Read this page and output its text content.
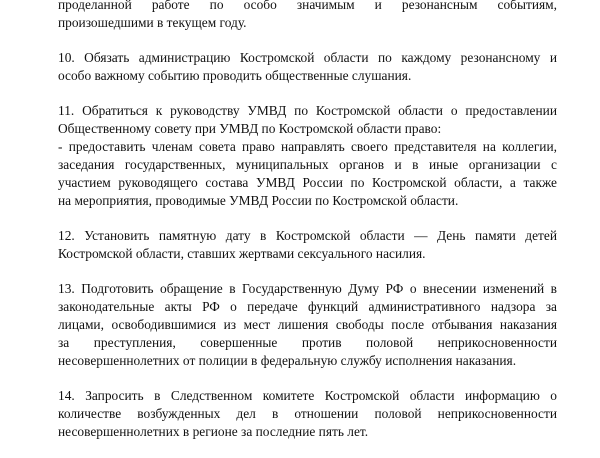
проделанной работе по особо значимым и резонансным событиям,
произошедшими в текущем году.

10. Обязать администрацию Костромской области по каждому резонансному и
особо важному событию проводить общественные слушания.

11. Обратиться к руководству УМВД по Костромской области о предоставлении
Общественному совету при УМВД по Костромской области право:
- предоставить членам совета право направлять своего представителя на коллегии,
заседания государственных, муниципальных органов и в иные организации с
участием руководящего состава УМВД России по Костромской области, а также
на мероприятия, проводимые УМВД России по Костромской области.

12. Установить памятную дату в Костромской области — День памяти детей
Костромской области, ставших жертвами сексуального насилия.

13. Подготовить обращение в Государственную Думу РФ о внесении изменений в
законодательные акты РФ о передаче функций административного надзора за
лицами, освободившимися из мест лишения свободы после отбывания наказания
за преступления, совершенные против половой неприкосновенности
несовершеннолетних от полиции в федеральную службу исполнения наказания.

14. Запросить в Следственном комитете Костромской области информацию о
количестве возбужденных дел в отношении половой неприкосновенности
несовершеннолетних в регионе за последние пять лет.
